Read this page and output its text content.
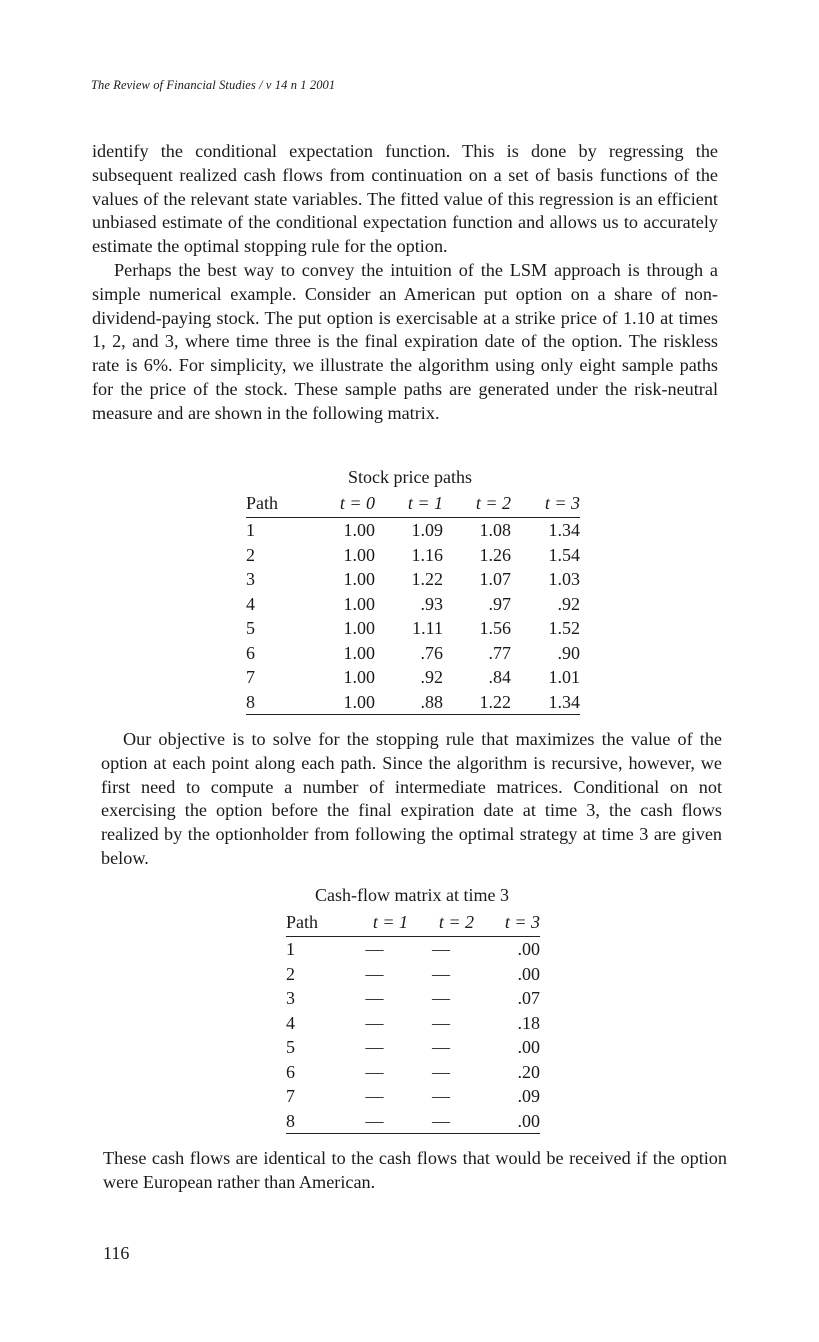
The Review of Financial Studies / v 14 n 1 2001

identify the conditional expectation function. This is done by regressing the subsequent realized cash flows from continuation on a set of basis functions of the values of the relevant state variables. The fitted value of this regression is an efficient unbiased estimate of the conditional expectation function and allows us to accurately estimate the optimal stopping rule for the option.

Perhaps the best way to convey the intuition of the LSM approach is through a simple numerical example. Consider an American put option on a share of non-dividend-paying stock. The put option is exercisable at a strike price of 1.10 at times 1, 2, and 3, where time three is the final expiration date of the option. The riskless rate is 6%. For simplicity, we illustrate the algorithm using only eight sample paths for the price of the stock. These sample paths are generated under the risk-neutral measure and are shown in the following matrix.

Stock price paths
Path	t = 0	t = 1	t = 2	t = 3
1	1.00	1.09	1.08	1.34
2	1.00	1.16	1.26	1.54
3	1.00	1.22	1.07	1.03
4	1.00	.93	.97	.92
5	1.00	1.11	1.56	1.52
6	1.00	.76	.77	.90
7	1.00	.92	.84	1.01
8	1.00	.88	1.22	1.34

Our objective is to solve for the stopping rule that maximizes the value of the option at each point along each path. Since the algorithm is recursive, however, we first need to compute a number of intermediate matrices. Conditional on not exercising the option before the final expiration date at time 3, the cash flows realized by the optionholder from following the optimal strategy at time 3 are given below.

Cash-flow matrix at time 3
Path	t = 1	t = 2	t = 3
1	—	—	.00
2	—	—	.00
3	—	—	.07
4	—	—	.18
5	—	—	.00
6	—	—	.20
7	—	—	.09
8	—	—	.00

These cash flows are identical to the cash flows that would be received if the option were European rather than American.

116
